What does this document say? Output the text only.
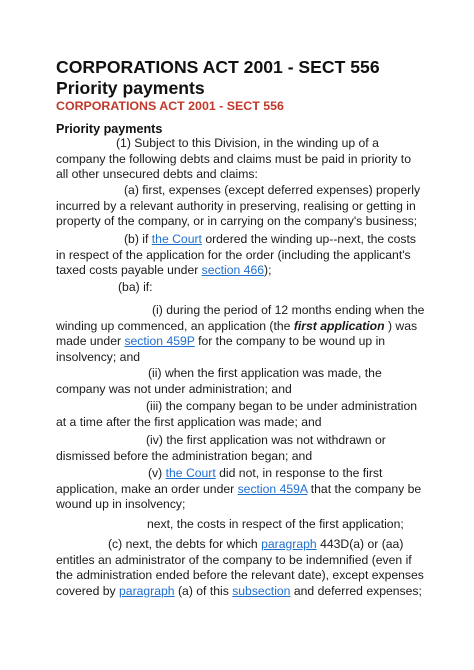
CORPORATIONS ACT 2001 - SECT 556 Priority payments
CORPORATIONS ACT 2001 - SECT 556
Priority payments

(1) Subject to this Division, in the winding up of a company the following debts and claims must be paid in priority to all other unsecured debts and claims:

(a) first, expenses (except deferred expenses) properly incurred by a relevant authority in preserving, realising or getting in property of the company, or in carrying on the company's business;

(b) if the Court ordered the winding up--next, the costs in respect of the application for the order (including the applicant's taxed costs payable under section 466);

(ba) if:

(i) during the period of 12 months ending when the winding up commenced, an application (the first application ) was made under section 459P for the company to be wound up in insolvency; and

(ii) when the first application was made, the company was not under administration; and

(iii) the company began to be under administration at a time after the first application was made; and

(iv) the first application was not withdrawn or dismissed before the administration began; and

(v) the Court did not, in response to the first application, make an order under section 459A that the company be wound up in insolvency;

next, the costs in respect of the first application;

(c) next, the debts for which paragraph 443D(a) or (aa) entitles an administrator of the company to be indemnified (even if the administration ended before the relevant date), except expenses covered by paragraph (a) of this subsection and deferred expenses;
